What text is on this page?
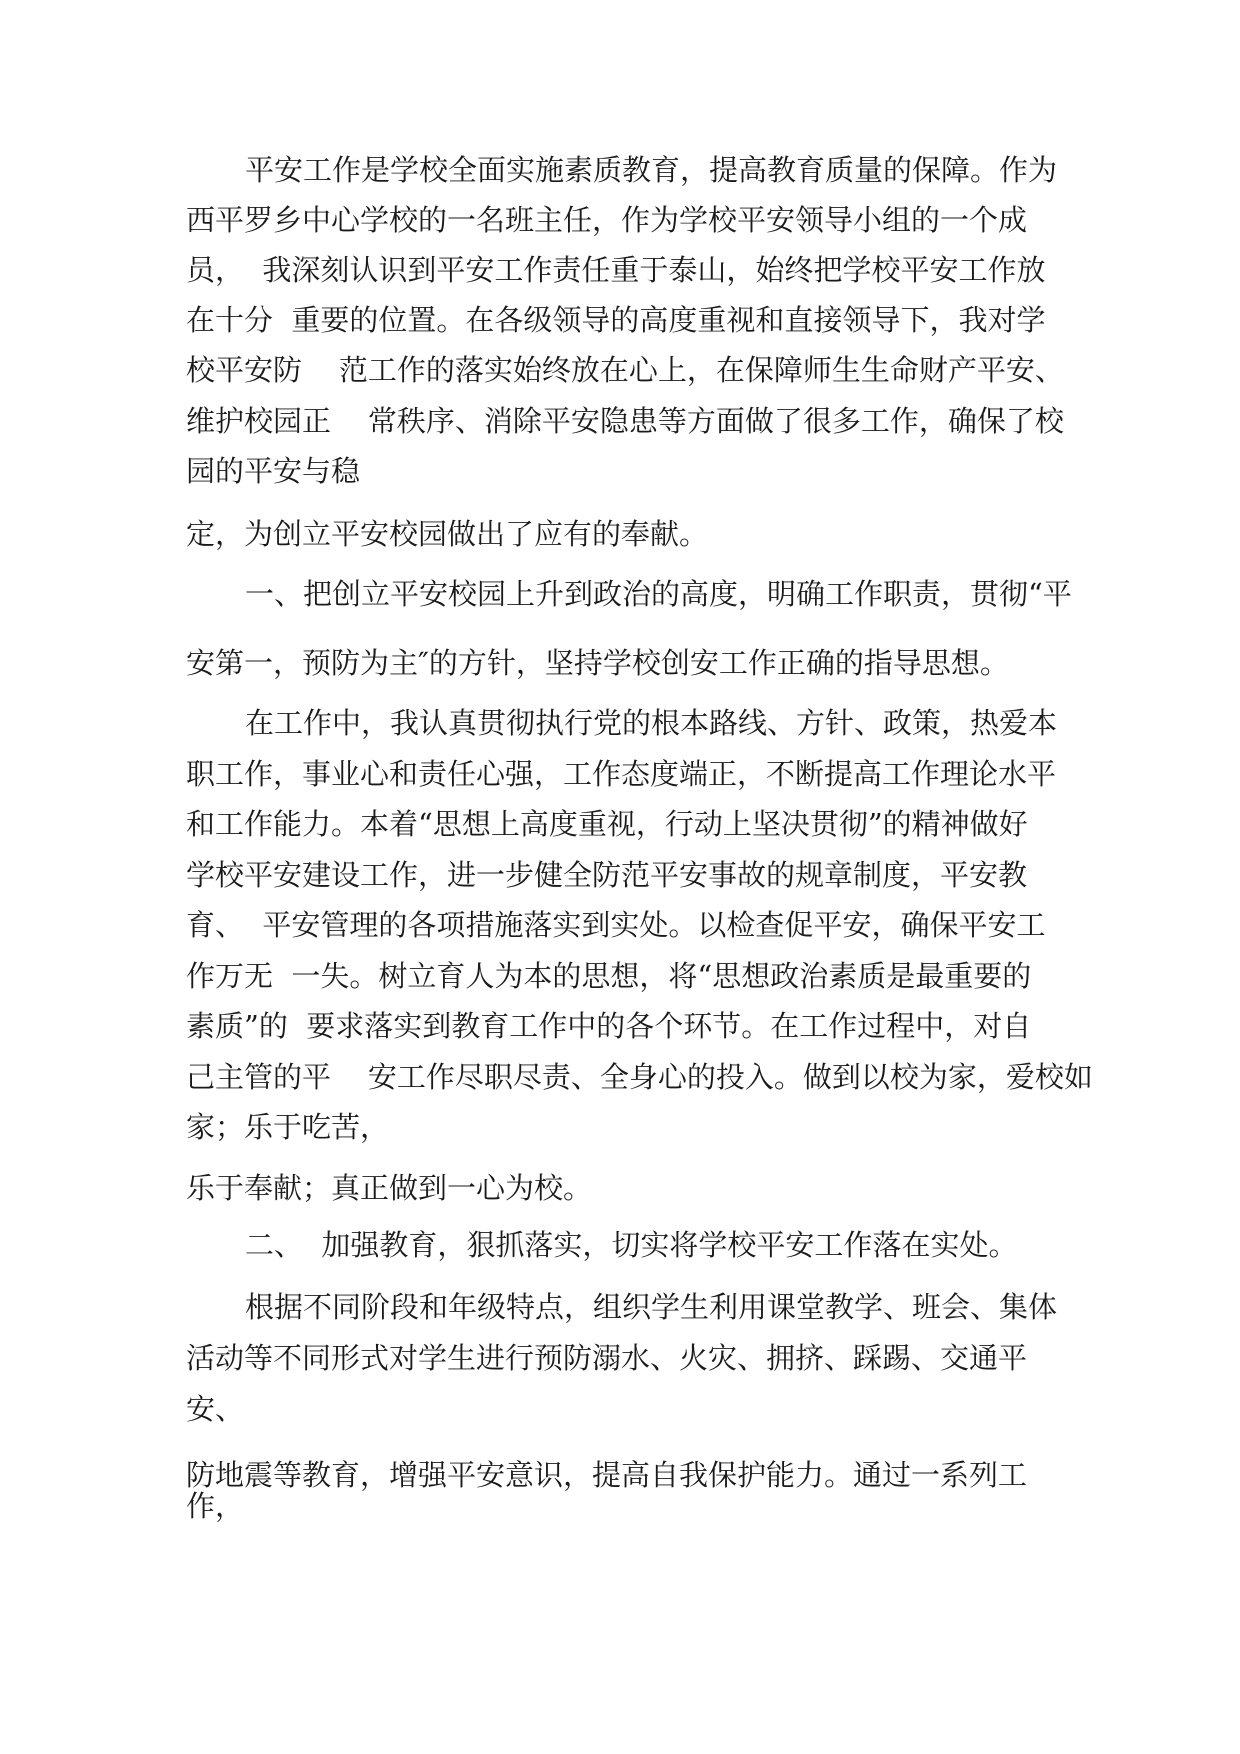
平安工作是学校全面实施素质教育，提高教育质量的保障。作为
西平罗乡中心学校的一名班主任，作为学校平安领导小组的一个成
员，  我深刻认识到平安工作责任重于泰山，始终把学校平安工作放
在十分  重要的位置。在各级领导的高度重视和直接领导下，我对学
校平安防    范工作的落实始终放在心上，在保障师生生命财产平安、
维护校园正    常秩序、消除平安隐患等方面做了很多工作，确保了校
园的平安与稳
定，为创立平安校园做出了应有的奉献。
一、把创立平安校园上升到政治的高度，明确工作职责，贯彻“平
安第一，预防为主″的方针，坚持学校创安工作正确的指导思想。
在工作中，我认真贯彻执行党的根本路线、方针、政策，热爱本
职工作，事业心和责任心强，工作态度端正，不断提高工作理论水平
和工作能力。本着“思想上高度重视，行动上坚决贯彻”的精神做好
学校平安建设工作，进一步健全防范平安事故的规章制度，平安教
育、  平安管理的各项措施落实到实处。以检查促平安，确保平安工
作万无  一失。树立育人为本的思想，将“思想政治素质是最重要的
素质”的  要求落实到教育工作中的各个环节。在工作过程中，对自
己主管的平    安工作尽职尽责、全身心的投入。做到以校为家，爱校如
家；乐于吃苦，
乐于奉献；真正做到一心为校。
二、  加强教育，狠抓落实，切实将学校平安工作落在实处。
根据不同阶段和年级特点，组织学生利用课堂教学、班会、集体
活动等不同形式对学生进行预防溺水、火灾、拥挤、踩踢、交通平
安、
防地震等教育，增强平安意识，提高自我保护能力。通过一系列工
作，
